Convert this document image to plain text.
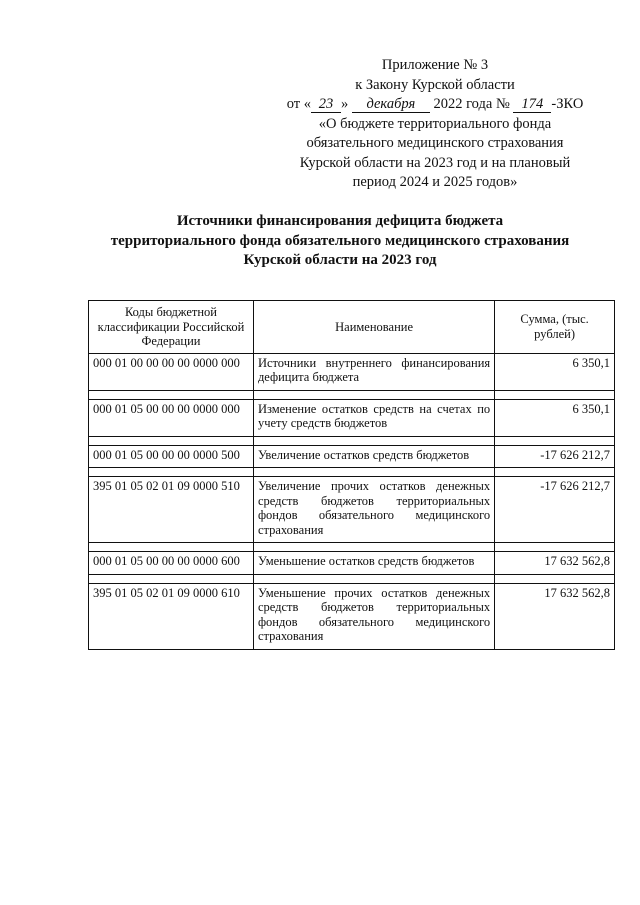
Приложение № 3
к Закону Курской области
от « 23 » декабря 2022 года № 174 -ЗКО
«О бюджете территориального фонда
обязательного медицинского страхования
Курской области на 2023 год и на плановый
период 2024 и 2025 годов»
Источники финансирования дефицита бюджета
территориального фонда обязательного медицинского страхования
Курской области на 2023 год
Коды бюджетной классификации Российской Федерации	Наименование	Сумма, (тыс. рублей)
000 01 00 00 00 00 0000 000	Источники внутреннего финансирования дефицита бюджета	6 350,1

000 01 05 00 00 00 0000 000	Изменение остатков средств на счетах по учету средств бюджетов	6 350,1

000 01 05 00 00 00 0000 500	Увеличение остатков средств бюджетов	-17 626 212,7

395 01 05 02 01 09 0000 510	Увеличение прочих остатков денежных средств бюджетов территориальных фондов обязательного медицинского страхования	-17 626 212,7

000 01 05 00 00 00 0000 600	Уменьшение остатков средств бюджетов	17 632 562,8

395 01 05 02 01 09 0000 610	Уменьшение прочих остатков денежных средств бюджетов территориальных фондов обязательного медицинского страхования	17 632 562,8
